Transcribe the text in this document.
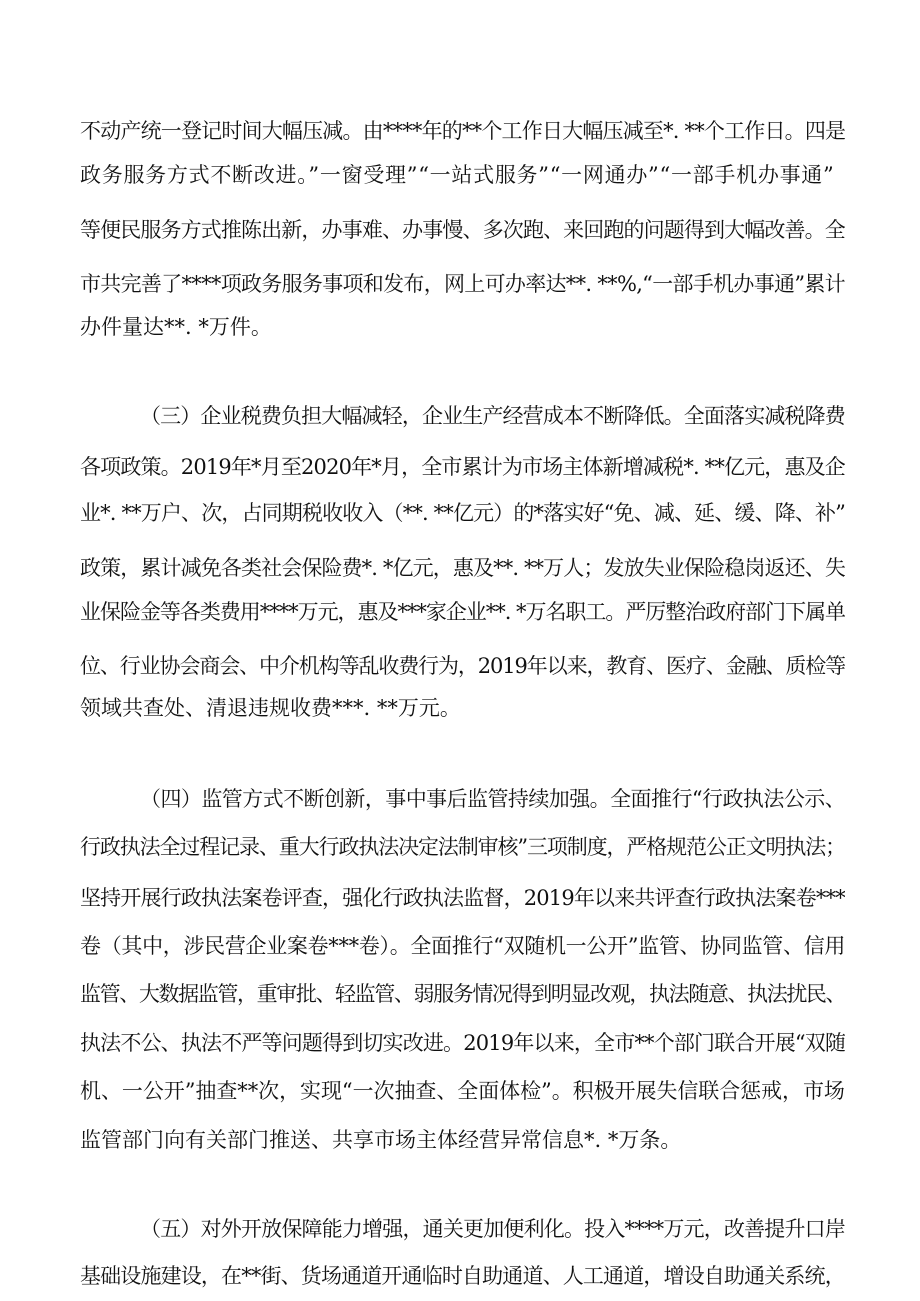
不动产统一登记时间大幅压减。由****年的**个工作日大幅压减至*. **个工作日。四是

政务服务方式不断改进。”一窗受理”“一站式服务”“一网通办”“一部手机办事通”

等便民服务方式推陈出新，办事难、办事慢、多次跑、来回跑的问题得到大幅改善。全

市共完善了****项政务服务事项和发布，网上可办率达**. **%,“一部手机办事通”累计

办件量达**. *万件。

（三）企业税费负担大幅减轻，企业生产经营成本不断降低。全面落实减税降费

各项政策。2019年*月至2020年*月，全市累计为市场主体新增减税*. **亿元，惠及企

业*. **万户、次，占同期税收收入（**. **亿元）的*落实好“免、减、延、缓、降、补”

政策，累计减免各类社会保险费*. *亿元，惠及**. **万人；发放失业保险稳岗返还、失

业保险金等各类费用****万元，惠及***家企业**. *万名职工。严厉整治政府部门下属单

位、行业协会商会、中介机构等乱收费行为，2019年以来，教育、医疗、金融、质检等

领域共查处、清退违规收费***. **万元。

（四）监管方式不断创新，事中事后监管持续加强。全面推行“行政执法公示、

行政执法全过程记录、重大行政执法决定法制审核”三项制度，严格规范公正文明执法；

坚持开展行政执法案卷评查，强化行政执法监督，2019年以来共评查行政执法案卷***

卷（其中，涉民营企业案卷***卷）。全面推行“双随机一公开”监管、协同监管、信用

监管、大数据监管，重审批、轻监管、弱服务情况得到明显改观，执法随意、执法扰民、

执法不公、执法不严等问题得到切实改进。2019年以来，全市**个部门联合开展“双随

机、一公开”抽查**次，实现“一次抽查、全面体检”。积极开展失信联合惩戒，市场

监管部门向有关部门推送、共享市场主体经营异常信息*. *万条。

（五）对外开放保障能力增强，通关更加便利化。投入****万元，改善提升口岸

基础设施建设，在**街、货场通道开通临时自助通道、人工通道，增设自助通关系统，
